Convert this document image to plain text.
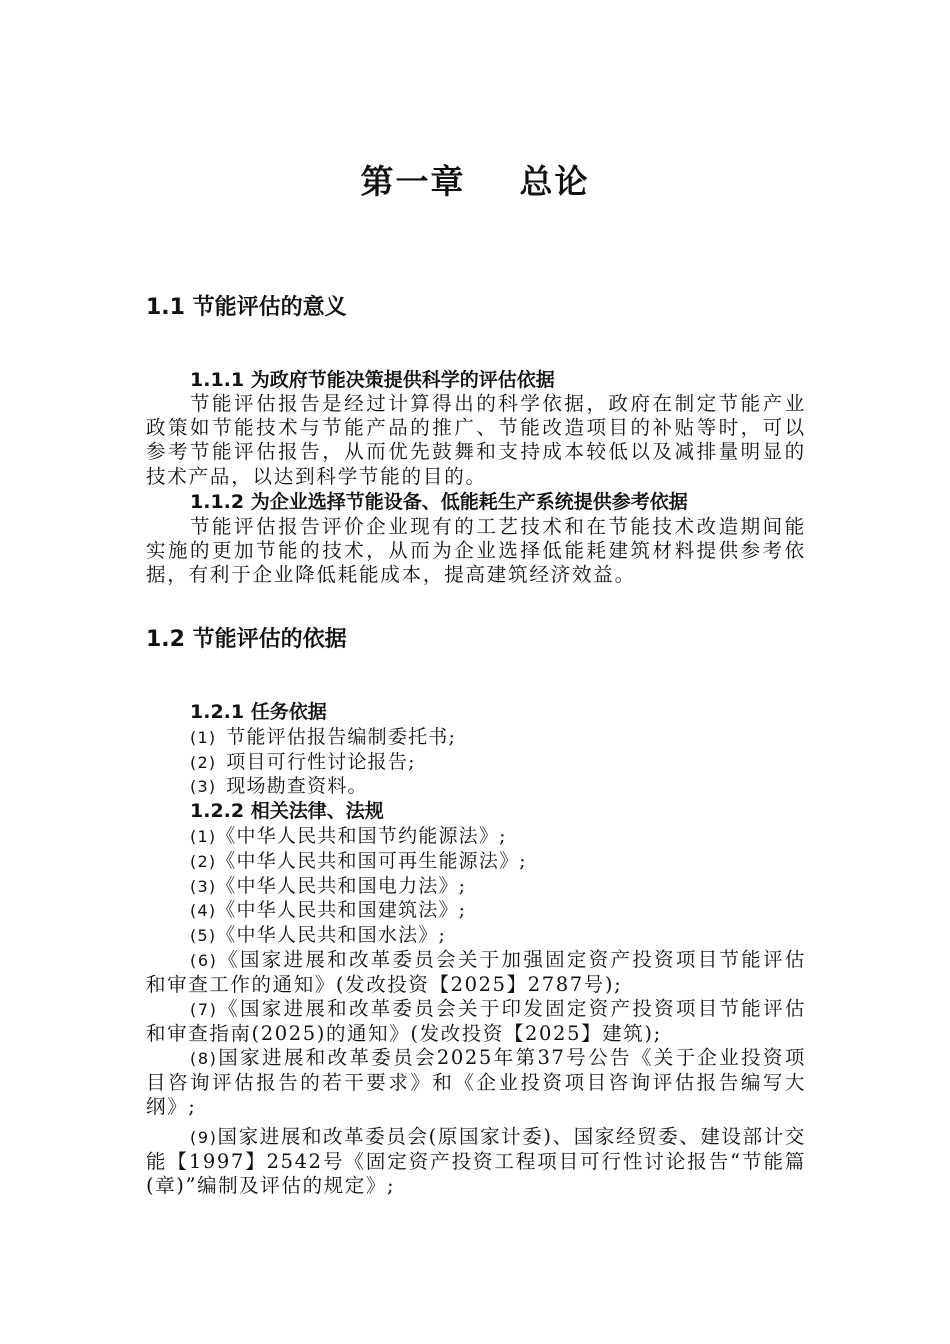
第一章    总论
1.1 节能评估的意义
1.1.1 为政府节能决策提供科学的评估依据
节能评估报告是经过计算得出的科学依据，政府在制定节能产业政策如节能技术与节能产品的推广、节能改造项目的补贴等时，可以参考节能评估报告，从而优先鼓舞和支持成本较低以及减排量明显的技术产品，以达到科学节能的目的。
1.1.2 为企业选择节能设备、低能耗生产系统提供参考依据
节能评估报告评价企业现有的工艺技术和在节能技术改造期间能实施的更加节能的技术，从而为企业选择低能耗建筑材料提供参考依据，有利于企业降低耗能成本，提高建筑经济效益。
1.2 节能评估的依据
1.2.1 任务依据
(1) 节能评估报告编制委托书;
(2) 项目可行性讨论报告;
(3) 现场勘查资料。
1.2.2 相关法律、法规
(1)《中华人民共和国节约能源法》;
(2)《中华人民共和国可再生能源法》;
(3)《中华人民共和国电力法》;
(4)《中华人民共和国建筑法》;
(5)《中华人民共和国水法》;
(6)《国家进展和改革委员会关于加强固定资产投资项目节能评估和审查工作的通知》(发改投资【2025】2787号);
(7)《国家进展和改革委员会关于印发固定资产投资项目节能评估和审查指南(2025)的通知》(发改投资【2025】建筑);
(8)国家进展和改革委员会2025年第37号公告《关于企业投资项目咨询评估报告的若干要求》和《企业投资项目咨询评估报告编写大纲》;
(9)国家进展和改革委员会(原国家计委)、国家经贸委、建设部计交能【1997】2542号《固定资产投资工程项目可行性讨论报告“节能篇(章)”编制及评估的规定》;
